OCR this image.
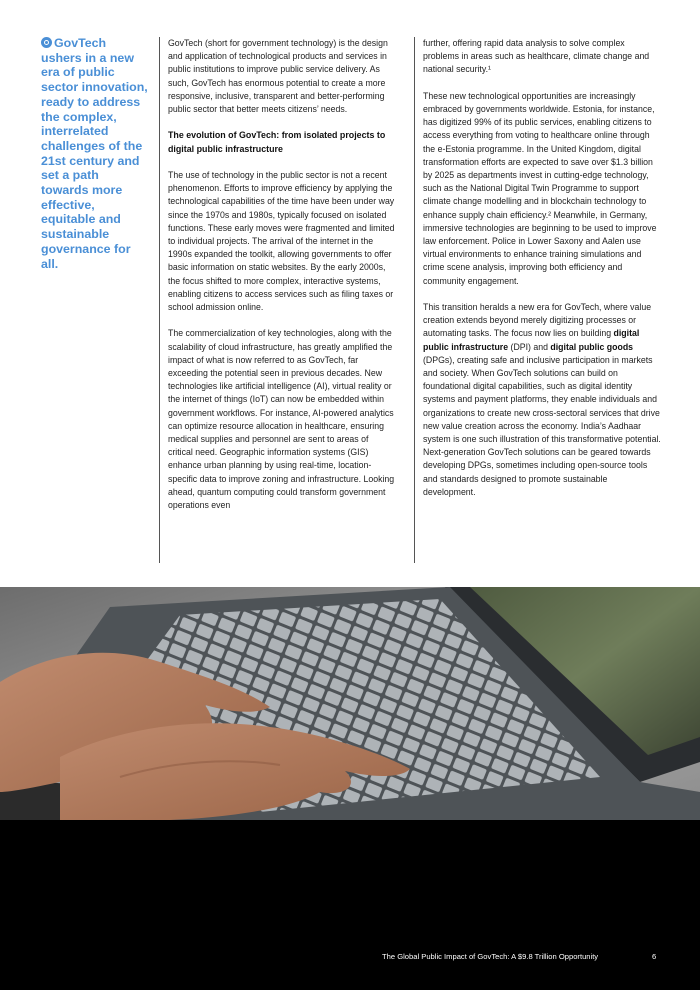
GovTech ushers in a new era of public sector innovation, ready to address the complex, interrelated challenges of the 21st century and set a path towards more effective, equitable and sustainable governance for all.

GovTech (short for government technology) is the design and application of technological products and services in public institutions to improve public service delivery. As such, GovTech has enormous potential to create a more responsive, inclusive, transparent and better-performing public sector that better meets citizens’ needs.

The evolution of GovTech: from isolated projects to digital public infrastructure

The use of technology in the public sector is not a recent phenomenon. Efforts to improve efficiency by applying the technological capabilities of the time have been under way since the 1970s and 1980s, typically focused on isolated functions. These early moves were fragmented and limited to individual projects. The arrival of the internet in the 1990s expanded the toolkit, allowing governments to offer basic information on static websites. By the early 2000s, the focus shifted to more complex, interactive systems, enabling citizens to access services such as filing taxes or school admission online.

The commercialization of key technologies, along with the scalability of cloud infrastructure, has greatly amplified the impact of what is now referred to as GovTech, far exceeding the potential seen in previous decades. New technologies like artificial intelligence (AI), virtual reality or the internet of things (IoT) can now be embedded within government workflows. For instance, AI-powered analytics can optimize resource allocation in healthcare, ensuring medical supplies and personnel are sent to areas of critical need. Geographic information systems (GIS) enhance urban planning by using real-time, location-specific data to improve zoning and infrastructure. Looking ahead, quantum computing could transform government operations even

further, offering rapid data analysis to solve complex problems in areas such as healthcare, climate change and national security.¹

These new technological opportunities are increasingly embraced by governments worldwide. Estonia, for instance, has digitized 99% of its public services, enabling citizens to access everything from voting to healthcare online through the e-Estonia programme. In the United Kingdom, digital transformation efforts are expected to save over $1.3 billion by 2025 as departments invest in cutting-edge technology, such as the National Digital Twin Programme to support climate change modelling and in blockchain technology to enhance supply chain efficiency.² Meanwhile, in Germany, immersive technologies are beginning to be used to improve law enforcement. Police in Lower Saxony and Aalen use virtual environments to enhance training simulations and crime scene analysis, improving both efficiency and community engagement.

This transition heralds a new era for GovTech, where value creation extends beyond merely digitizing processes or automating tasks. The focus now lies on building digital public infrastructure (DPI) and digital public goods (DPGs), creating safe and inclusive participation in markets and society. When GovTech solutions can build on foundational digital capabilities, such as digital identity systems and payment platforms, they enable individuals and organizations to create new cross-sectoral services that drive new value creation across the economy. India’s Aadhaar system is one such illustration of this transformative potential. Next-generation GovTech solutions can be geared towards developing DPGs, sometimes including open-source tools and standards designed to promote sustainable development.

The Global Public Impact of GovTech: A $9.8 Trillion Opportunity	6
